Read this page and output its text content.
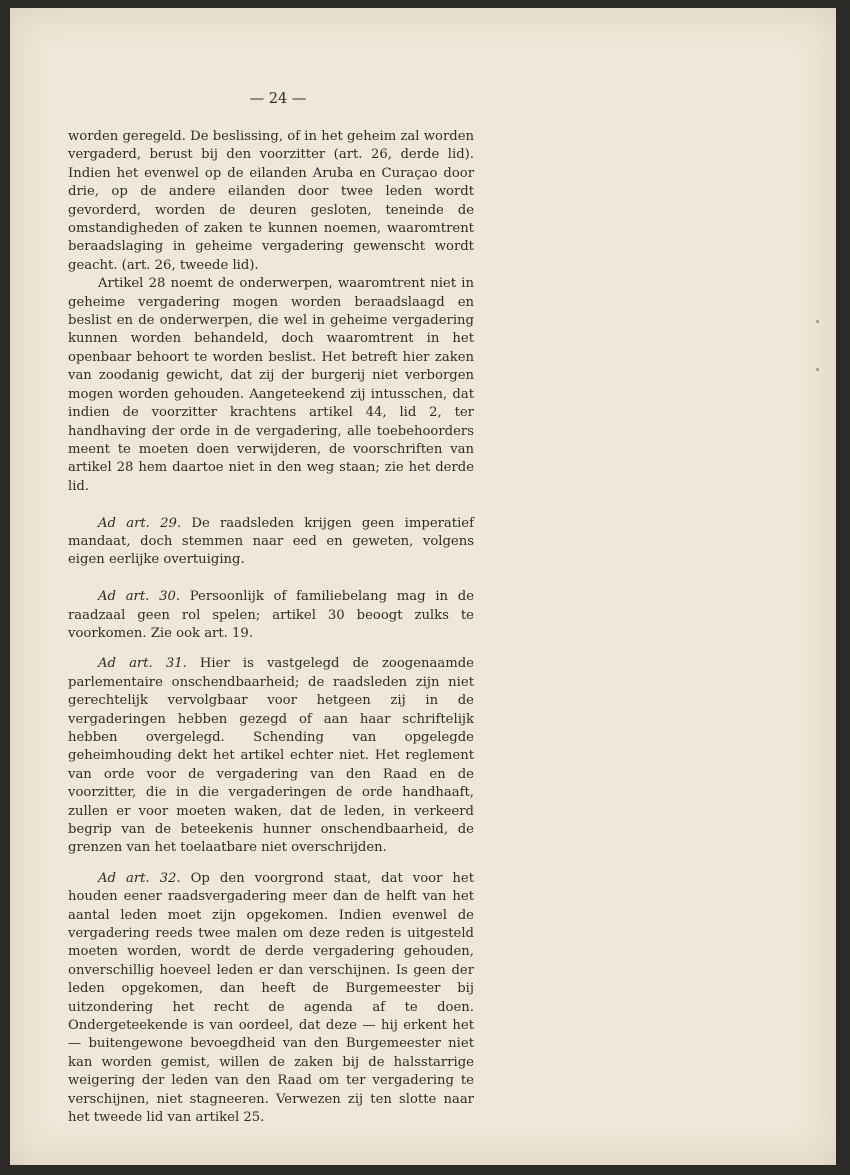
— 24 —

worden geregeld. De beslissing, of in het geheim zal worden vergaderd, berust bij den voorzitter (art. 26, derde lid). Indien het evenwel op de eilanden Aruba en Curaçao door drie, op de andere eilanden door twee leden wordt gevorderd, worden de deuren gesloten, teneinde de omstandigheden of zaken te kunnen noemen, waaromtrent beraadslaging in geheime vergadering gewenscht wordt geacht. (art. 26, tweede lid).

Artikel 28 noemt de onderwerpen, waaromtrent niet in geheime vergadering mogen worden beraadslaagd en beslist en de onderwerpen, die wel in geheime vergadering kunnen worden behandeld, doch waaromtrent in het openbaar behoort te worden beslist. Het betreft hier zaken van zoodanig gewicht, dat zij der burgerij niet verborgen mogen worden gehouden. Aangeteekend zij intusschen, dat indien de voorzitter krachtens artikel 44, lid 2, ter handhaving der orde in de vergadering, alle toebehoorders meent te moeten doen verwijderen, de voorschriften van artikel 28 hem daartoe niet in den weg staan; zie het derde lid.

Ad art. 29. De raadsleden krijgen geen imperatief mandaat, doch stemmen naar eed en geweten, volgens eigen eerlijke overtuiging.

Ad art. 30. Persoonlijk of familiebelang mag in de raadzaal geen rol spelen; artikel 30 beoogt zulks te voorkomen. Zie ook art. 19.

Ad art. 31. Hier is vastgelegd de zoogenaamde parlementaire onschendbaarheid; de raadsleden zijn niet gerechtelijk vervolgbaar voor hetgeen zij in de vergaderingen hebben gezegd of aan haar schriftelijk hebben overgelegd. Schending van opgelegde geheimhouding dekt het artikel echter niet. Het reglement van orde voor de vergadering van den Raad en de voorzitter, die in die vergaderingen de orde handhaaft, zullen er voor moeten waken, dat de leden, in verkeerd begrip van de beteekenis hunner onschendbaarheid, de grenzen van het toelaatbare niet overschrijden.

Ad art. 32. Op den voorgrond staat, dat voor het houden eener raadsvergadering meer dan de helft van het aantal leden moet zijn opgekomen. Indien evenwel de vergadering reeds twee malen om deze reden is uitgesteld moeten worden, wordt de derde vergadering gehouden, onverschillig hoeveel leden er dan verschijnen. Is geen der leden opgekomen, dan heeft de Burgemeester bij uitzondering het recht de agenda af te doen. Ondergeteekende is van oordeel, dat deze — hij erkent het — buitengewone bevoegdheid van den Burgemeester niet kan worden gemist, willen de zaken bij de halsstarrige weigering der leden van den Raad om ter vergadering te verschijnen, niet stagneeren. Verwezen zij ten slotte naar het tweede lid van artikel 25.
